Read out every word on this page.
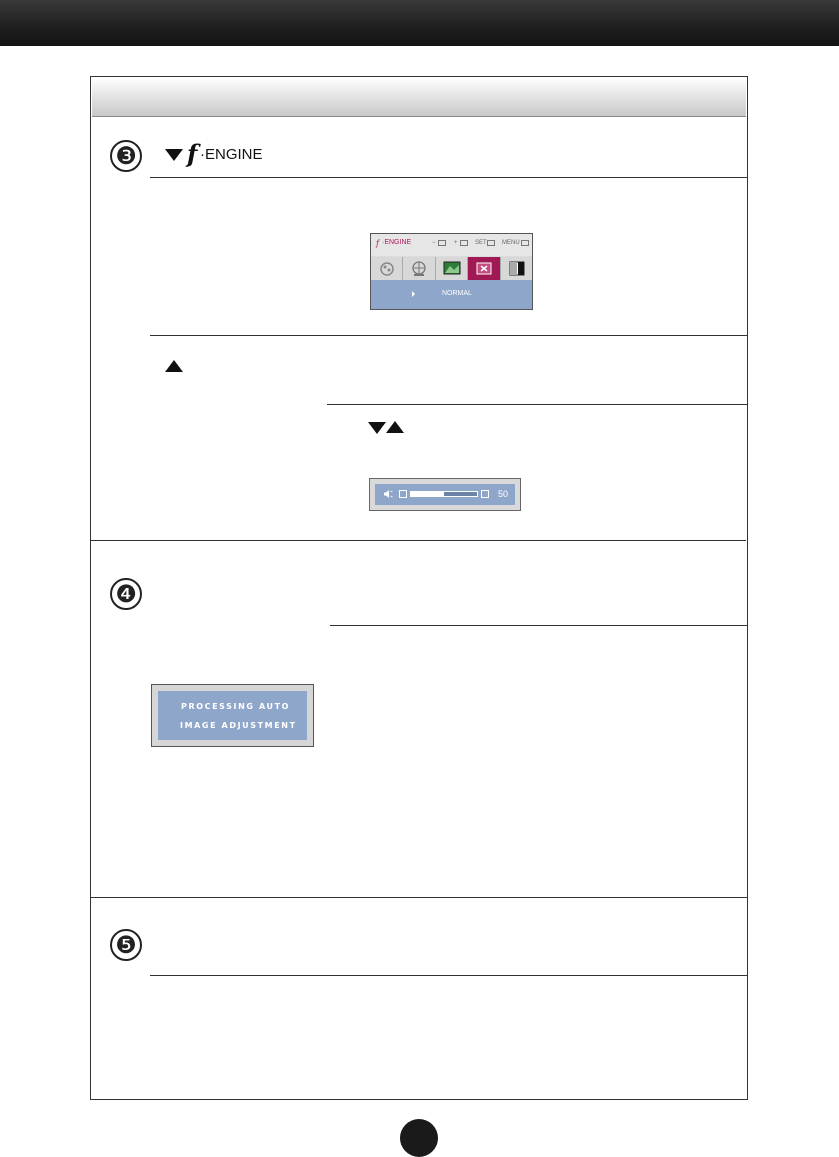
❸ f ·ENGINE
f ·ENGINE	−	+	SET	MENU
NORMAL
50
❹
PROCESSING AUTO
IMAGE ADJUSTMENT
❺
